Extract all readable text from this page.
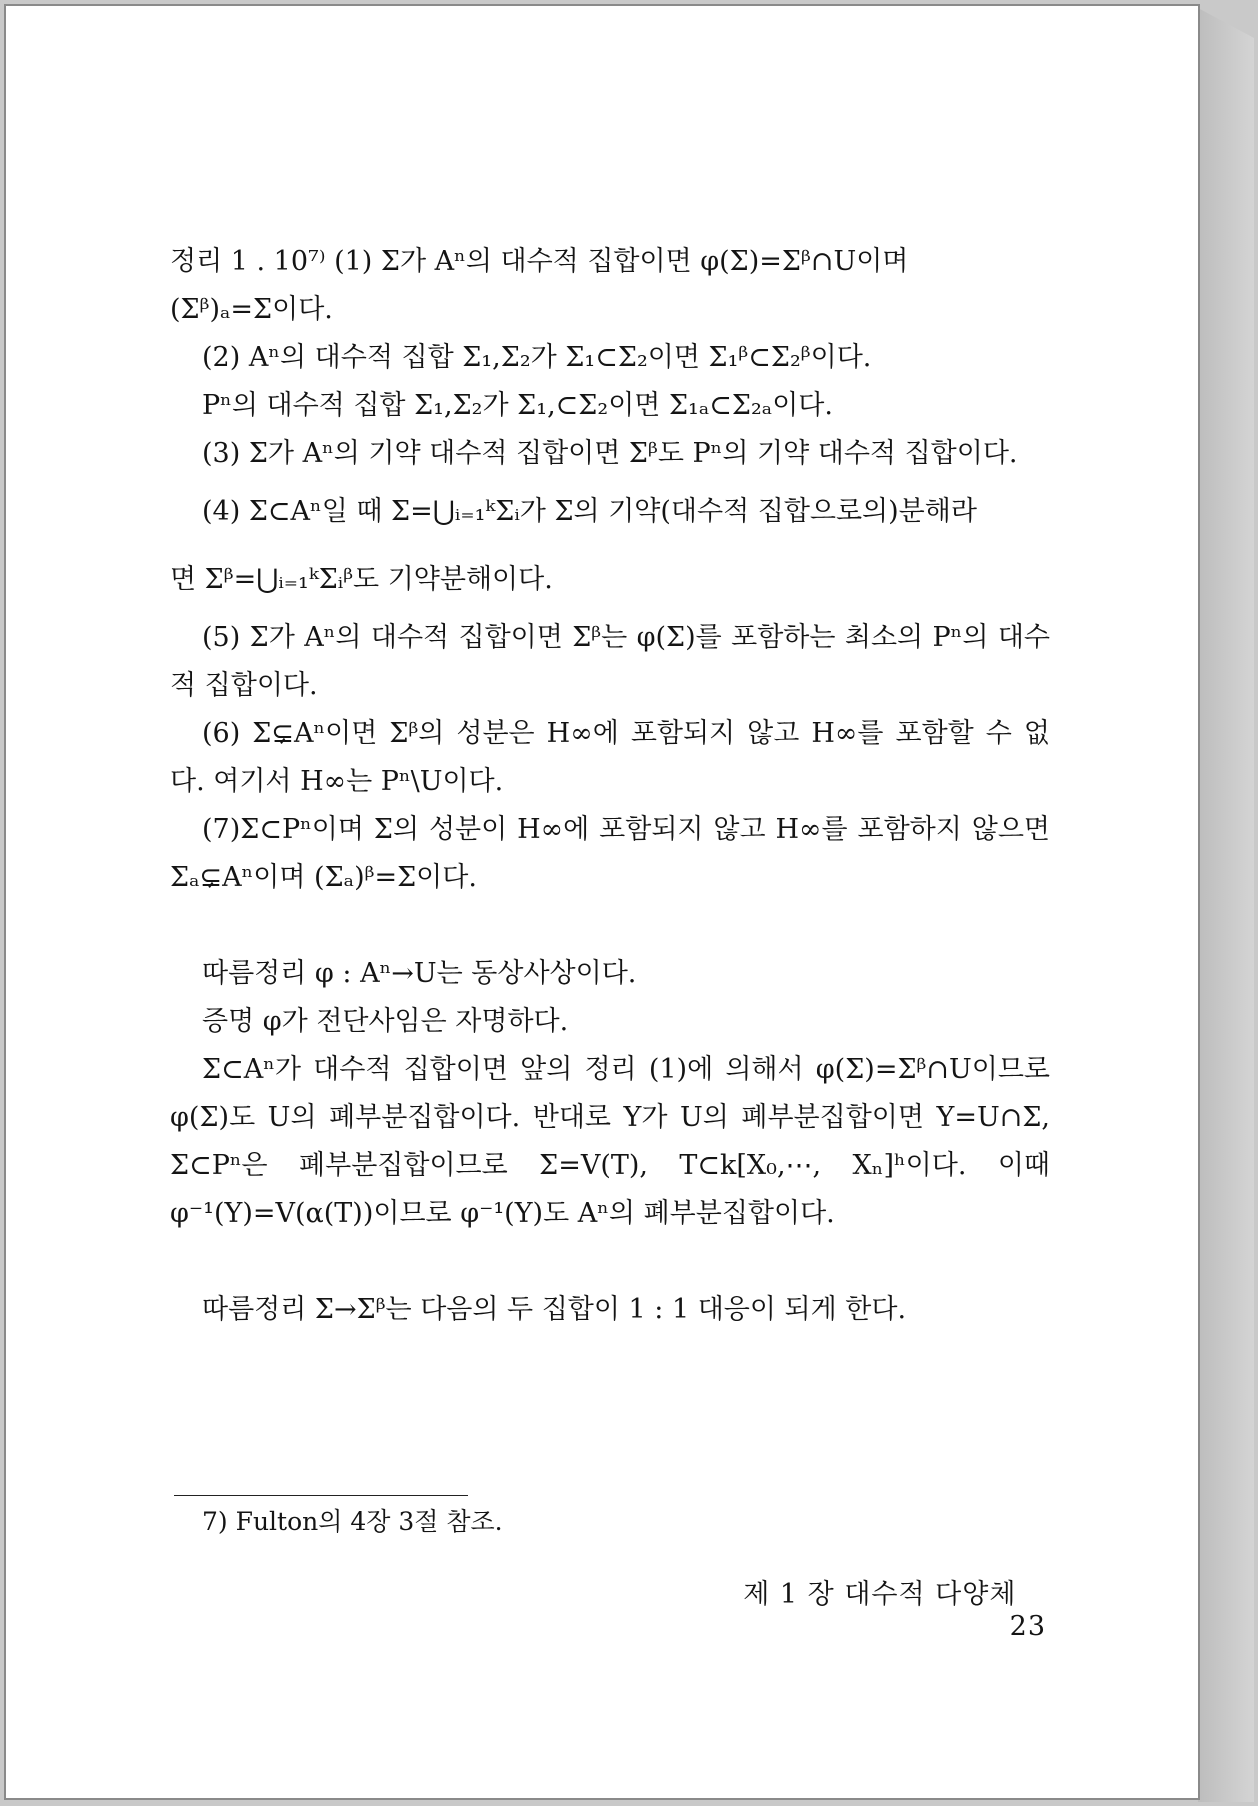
정리 1 . 10⁷⁾ (1) Σ가 Aⁿ의 대수적 집합이면 φ(Σ)=Σᵝ∩U이며

(Σᵝ)ₐ=Σ이다.

(2) Aⁿ의 대수적 집합 Σ₁,Σ₂가 Σ₁⊂Σ₂이면 Σ₁ᵝ⊂Σ₂ᵝ이다.

Pⁿ의 대수적 집합 Σ₁,Σ₂가 Σ₁,⊂Σ₂이면 Σ₁ₐ⊂Σ₂ₐ이다.

(3) Σ가 Aⁿ의 기약 대수적 집합이면 Σᵝ도 Pⁿ의 기약 대수적 집합이다.

(4) Σ⊂Aⁿ일 때 Σ=⋃ᵢ₌₁ᵏΣᵢ가 Σ의 기약(대수적 집합으로의)분해라

면 Σᵝ=⋃ᵢ₌₁ᵏΣᵢᵝ도 기약분해이다.

(5) Σ가 Aⁿ의 대수적 집합이면 Σᵝ는 φ(Σ)를 포함하는 최소의 Pⁿ의 대수적 집합이다.

(6) Σ⊊Aⁿ이면 Σᵝ의 성분은 H∞에 포함되지 않고 H∞를 포함할 수 없다. 여기서 H∞는 Pⁿ\U이다.

(7)Σ⊂Pⁿ이며 Σ의 성분이 H∞에 포함되지 않고 H∞를 포함하지 않으면 Σₐ⊊Aⁿ이며 (Σₐ)ᵝ=Σ이다.

따름정리 φ : Aⁿ→U는 동상사상이다.

증명 φ가 전단사임은 자명하다.

Σ⊂Aⁿ가 대수적 집합이면 앞의 정리 (1)에 의해서 φ(Σ)=Σᵝ∩U이므로 φ(Σ)도 U의 폐부분집합이다. 반대로 Y가 U의 폐부분집합이면 Y=U∩Σ, Σ⊂Pⁿ은 폐부분집합이므로 Σ=V(T), T⊂k[X₀,⋯, Xₙ]ʰ이다. 이때 φ⁻¹(Y)=V(α(T))이므로 φ⁻¹(Y)도 Aⁿ의 폐부분집합이다.

따름정리 Σ→Σᵝ는 다음의 두 집합이 1 : 1 대응이 되게 한다.

7) Fulton의 4장 3절 참조.
제 1 장 대수적 다양체  23
